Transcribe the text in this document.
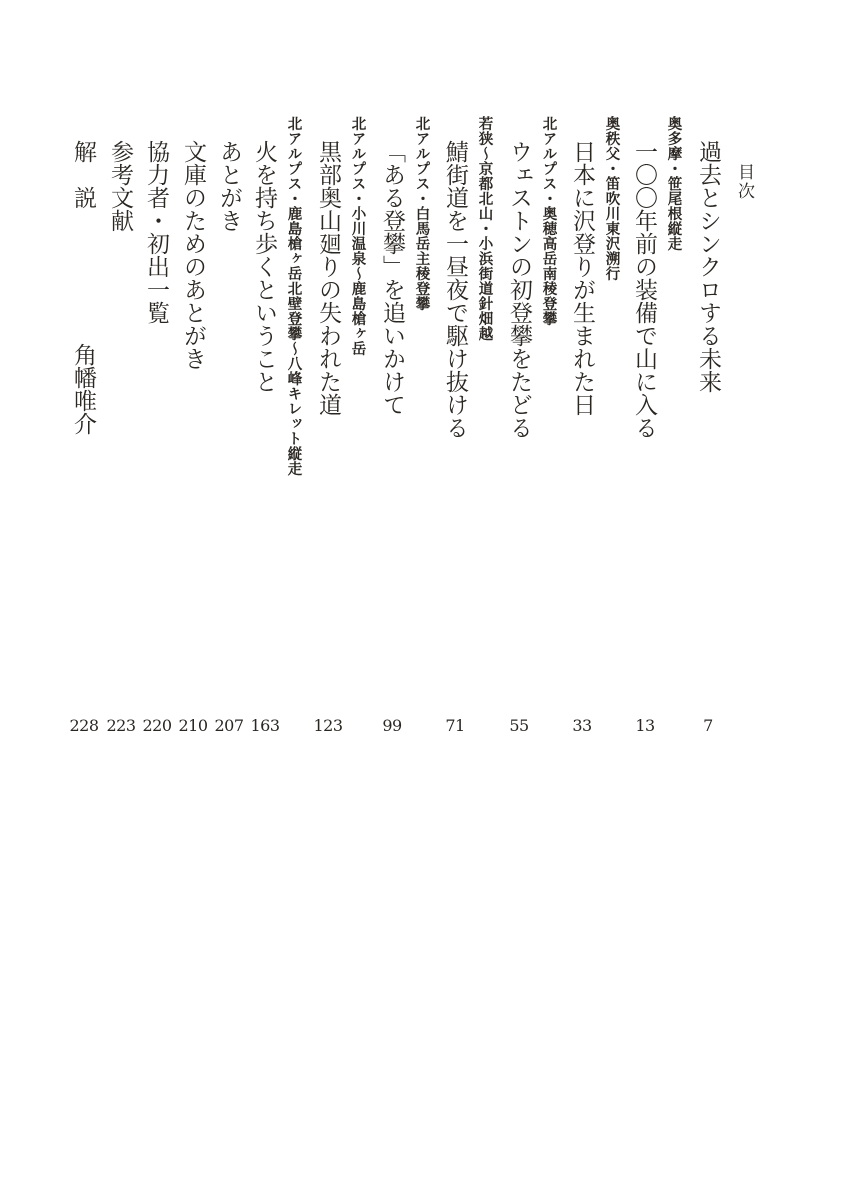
目次
過去とシンクロする未来
7
奥多摩・笹尾根縦走
一〇〇年前の装備で山に入る
13
奥秩父・笛吹川東沢溯行
日本に沢登りが生まれた日
33
北アルプス・奥穂高岳南稜登攀
ウェストンの初登攀をたどる
55
若狭〜京都北山・小浜街道針畑越
鯖街道を一昼夜で駆け抜ける
71
北アルプス・白馬岳主稜登攀
「ある登攀」を追いかけて
99
北アルプス・小川温泉〜鹿島槍ヶ岳
黒部奥山廻りの失われた道
123
北アルプス・鹿島槍ヶ岳北壁登攀〜八峰キレット縦走
火を持ち歩くということ
163
あとがき
207
文庫のためのあとがき
210
協力者・初出一覧
220
参考文献
223
解説
角幡唯介
228
